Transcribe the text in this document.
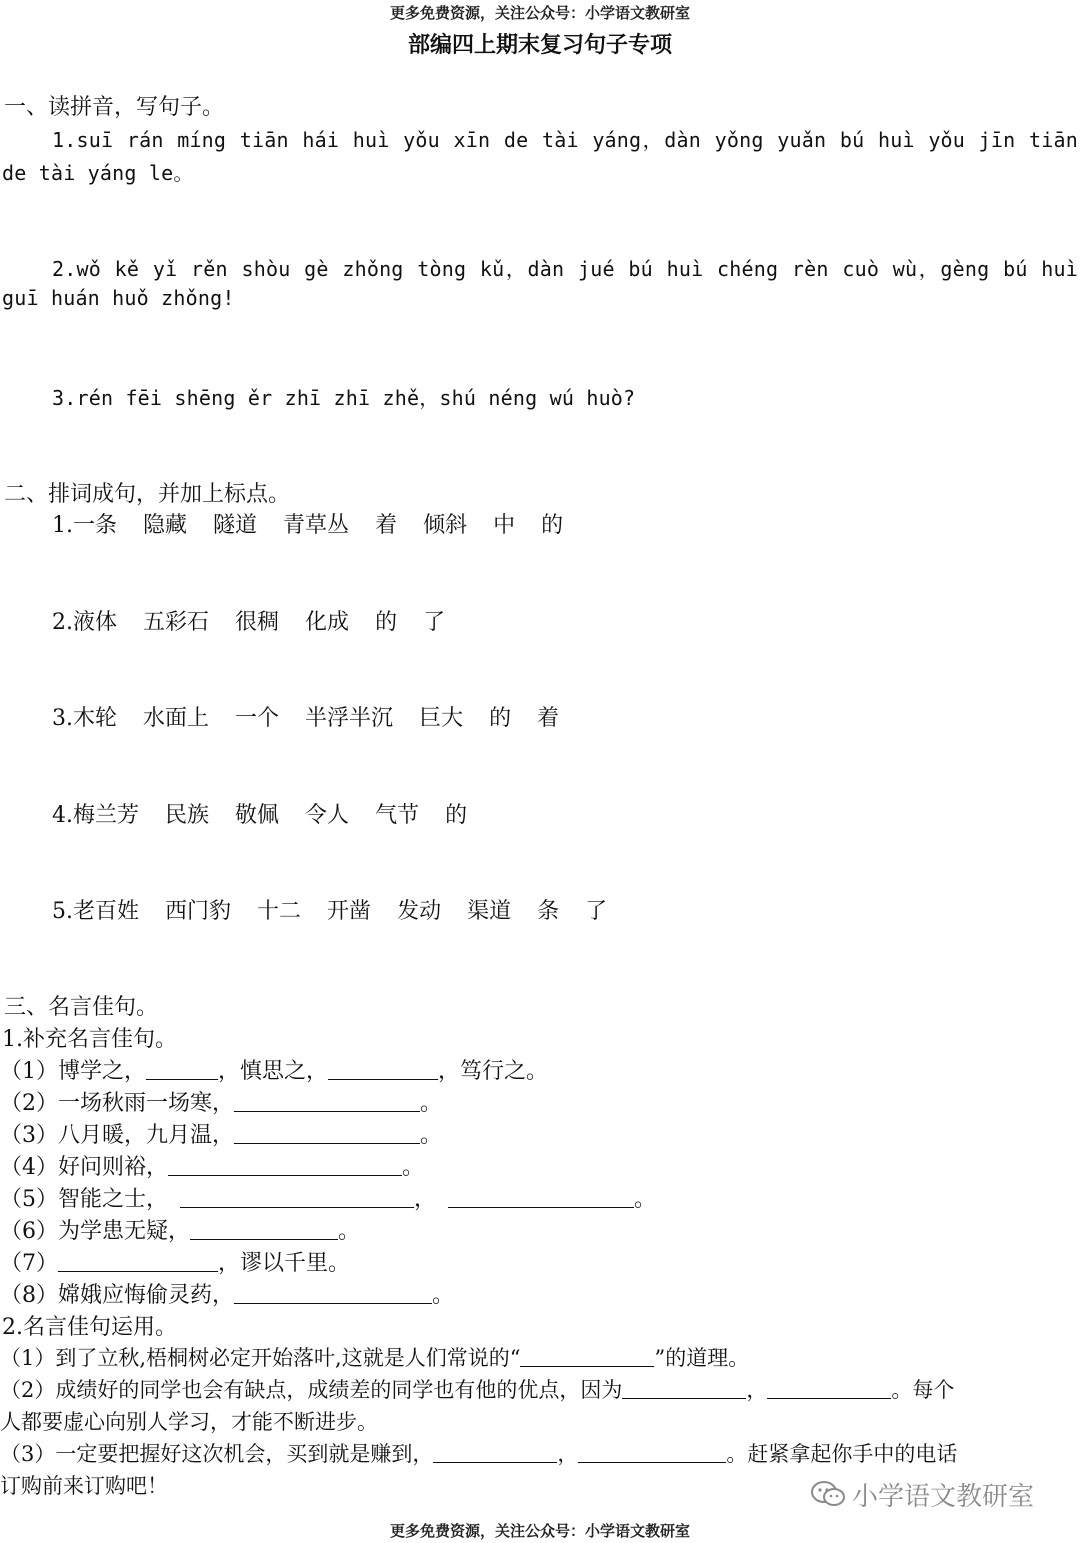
更多免费资源，关注公众号：小学语文教研室
部编四上期末复习句子专项
一、读拼音，写句子。
1.suī rán míng tiān hái huì yǒu xīn de tài yáng，dàn yǒng yuǎn bú huì yǒu jīn tiān
de tài yáng le。
2.wǒ kě yǐ rěn shòu gè zhǒng tòng kǔ，dàn jué bú huì chéng rèn cuò wù，gèng bú huì
guī huán huǒ zhǒng!
3.rén fēi shēng ěr zhī zhī zhě，shú néng wú huò?
二、排词成句，并加上标点。
1.一条 隐藏 隧道 青草丛 着 倾斜 中 的
2.液体 五彩石 很稠 化成 的 了
3.木轮 水面上 一个 半浮半沉 巨大 的 着
4.梅兰芳 民族 敬佩 令人 气节 的
5.老百姓 西门豹 十二 开凿 发动 渠道 条 了
三、名言佳句。
1.补充名言佳句。
（1）博学之，	，慎思之，	，笃行之。
（2）一场秋雨一场寒，	。
（3）八月暖，九月温，	。
（4）好问则裕，	。
（5）智能之士，	，	。
（6）为学患无疑，	。
（7）	，谬以千里。
（8）嫦娥应悔偷灵药，	。
2.名言佳句运用。
（1）到了立秋,梧桐树必定开始落叶,这就是人们常说的“	”的道理。
（2）成绩好的同学也会有缺点，成绩差的同学也有他的优点，因为	，	。每个
人都要虚心向别人学习，才能不断进步。
（3）一定要把握好这次机会，买到就是赚到，	，	。赶紧拿起你手中的电话
订购前来订购吧！	小学语文教研室
更多免费资源，关注公众号：小学语文教研室
